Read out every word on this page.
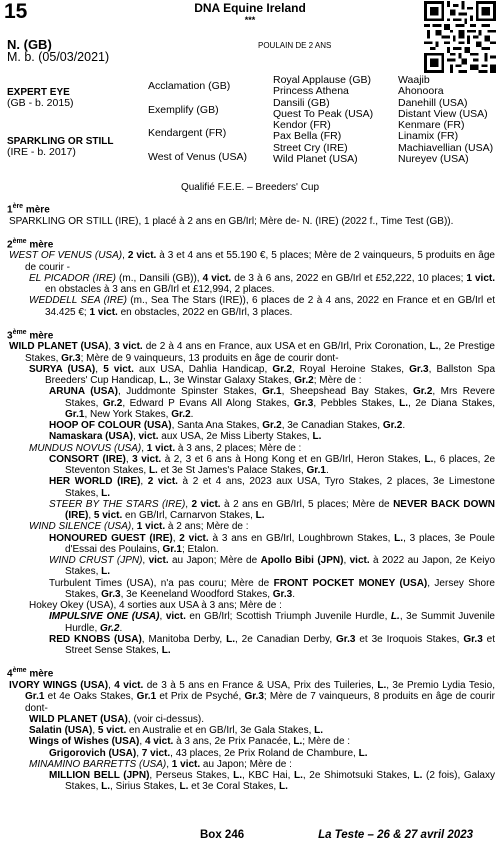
15	DNA Equine Ireland
***
N. (GB)
M. b. (05/03/2021)
POULAIN DE 2 ANS
EXPERT EYE
(GB - b. 2015)
SPARKLING OR STILL
(IRE - b. 2017)
Acclamation (GB)
Exemplify (GB)
Kendargent (FR)
West of Venus (USA)
Royal Applause (GB)
Princess Athena
Dansili (GB)
Quest To Peak (USA)
Kendor (FR)
Pax Bella (FR)
Street Cry (IRE)
Wild Planet (USA)
Waajib
Ahonoora
Danehill (USA)
Distant View (USA)
Kenmare (FR)
Linamix (FR)
Machiavellian (USA)
Nureyev (USA)
Qualifié F.E.E. – Breeders' Cup

1ère mère

SPARKLING OR STILL (IRE), 1 placé à 2 ans en GB/Irl; Mère de- N. (IRE) (2022 f., Time Test (GB)).

2ème mère

WEST OF VENUS (USA), 2 vict. à 3 et 4 ans et 55.190 €, 5 places; Mère de 2 vainqueurs, 5 produits en âge de courir -

EL PICADOR (IRE) (m., Dansili (GB)), 4 vict. de 3 à 6 ans, 2022 en GB/Irl et £52,222, 10 places; 1 vict. en obstacles à 3 ans en GB/Irl et £12,994, 2 places.

WEDDELL SEA (IRE) (m., Sea The Stars (IRE)), 6 places de 2 à 4 ans, 2022 en France et en GB/Irl et 34.425 €; 1 vict. en obstacles, 2022 en GB/Irl, 3 places.

3ème mère

WILD PLANET (USA), 3 vict. de 2 à 4 ans en France, aux USA et en GB/Irl, Prix Coronation, L., 2e Prestige Stakes, Gr.3; Mère de 9 vainqueurs, 13 produits en âge de courir dont-

SURYA (USA), 5 vict. aux USA, Dahlia Handicap, Gr.2, Royal Heroine Stakes, Gr.3, Ballston Spa Breeders' Cup Handicap, L., 3e Winstar Galaxy Stakes, Gr.2; Mère de :

ARUNA (USA), Juddmonte Spinster Stakes, Gr.1, Sheepshead Bay Stakes, Gr.2, Mrs Revere Stakes, Gr.2, Edward P Evans All Along Stakes, Gr.3, Pebbles Stakes, L., 2e Diana Stakes, Gr.1, New York Stakes, Gr.2.

HOOP OF COLOUR (USA), Santa Ana Stakes, Gr.2, 3e Canadian Stakes, Gr.2.

Namaskara (USA), vict. aux USA, 2e Miss Liberty Stakes, L.

MUNDUS NOVUS (USA), 1 vict. à 3 ans, 2 places; Mère de :

CONSORT (IRE), 3 vict. à 2, 3 et 6 ans à Hong Kong et en GB/Irl, Heron Stakes, L., 6 places, 2e Steventon Stakes, L. et 3e St James's Palace Stakes, Gr.1.

HER WORLD (IRE), 2 vict. à 2 et 4 ans, 2023 aux USA, Tyro Stakes, 2 places, 3e Limestone Stakes, L.

STEER BY THE STARS (IRE), 2 vict. à 2 ans en GB/Irl, 5 places; Mère de NEVER BACK DOWN (IRE), 5 vict. en GB/Irl, Carnarvon Stakes, L.

WIND SILENCE (USA), 1 vict. à 2 ans; Mère de :

HONOURED GUEST (IRE), 2 vict. à 3 ans en GB/Irl, Loughbrown Stakes, L., 3 places, 3e Poule d'Essai des Poulains, Gr.1; Etalon.

WIND CRUST (JPN), vict. au Japon; Mère de Apollo Bibi (JPN), vict. à 2022 au Japon, 2e Keiyo Stakes, L.

Turbulent Times (USA), n'a pas couru; Mère de FRONT POCKET MONEY (USA), Jersey Shore Stakes, Gr.3, 3e Keeneland Woodford Stakes, Gr.3.

Hokey Okey (USA), 4 sorties aux USA à 3 ans; Mère de :

IMPULSIVE ONE (USA), vict. en GB/Irl; Scottish Triumph Juvenile Hurdle, L., 3e Summit Juvenile Hurdle, Gr.2.

RED KNOBS (USA), Manitoba Derby, L., 2e Canadian Derby, Gr.3 et 3e Iroquois Stakes, Gr.3 et Street Sense Stakes, L.

4ème mère

IVORY WINGS (USA), 4 vict. de 3 à 5 ans en France & USA, Prix des Tuileries, L., 3e Premio Lydia Tesio, Gr.1 et 4e Oaks Stakes, Gr.1 et Prix de Psyché, Gr.3; Mère de 7 vainqueurs, 8 produits en âge de courir dont-

WILD PLANET (USA), (voir ci-dessus).

Salatin (USA), 5 vict. en Australie et en GB/Irl, 3e Gala Stakes, L.

Wings of Wishes (USA), 4 vict. à 3 ans, 2e Prix Panacée, L.; Mère de :

Grigorovich (USA), 7 vict., 43 places, 2e Prix Roland de Chambure, L.

MINAMINO BARRETTS (USA), 1 vict. au Japon; Mère de :

MILLION BELL (JPN), Perseus Stakes, L., KBC Hai, L., 2e Shimotsuki Stakes, L. (2 fois), Galaxy Stakes, L., Sirius Stakes, L. et 3e Coral Stakes, L.

Box 246	La Teste – 26 & 27 avril 2023
